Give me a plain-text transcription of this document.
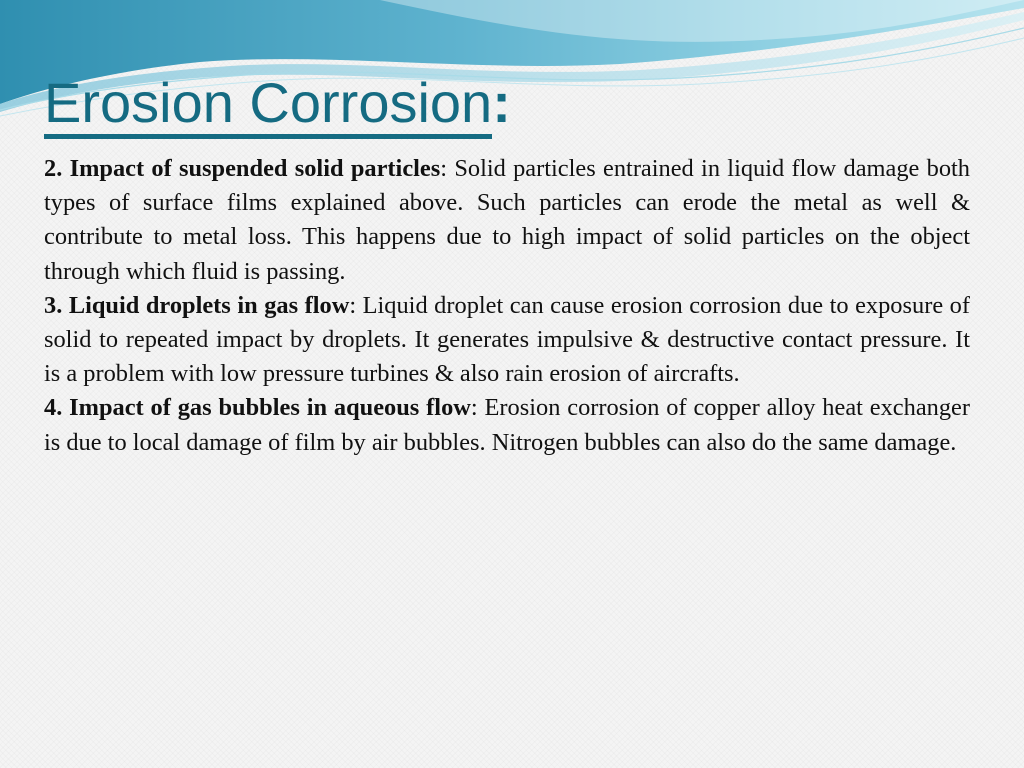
Erosion Corrosion:

2. Impact of suspended solid particles: Solid particles entrained in liquid flow damage both types of surface films explained above. Such particles can erode the metal as well & contribute to metal loss. This happens due to high impact of solid particles on the object through which fluid is passing.

3. Liquid droplets in gas flow: Liquid droplet can cause erosion corrosion due to exposure of solid to repeated impact by droplets. It generates impulsive & destructive contact pressure. It is a problem with low pressure turbines & also rain erosion of aircrafts.

4. Impact of gas bubbles in aqueous flow: Erosion corrosion of copper alloy heat exchanger is due to local damage of film by air bubbles. Nitrogen bubbles can also do the same damage.
